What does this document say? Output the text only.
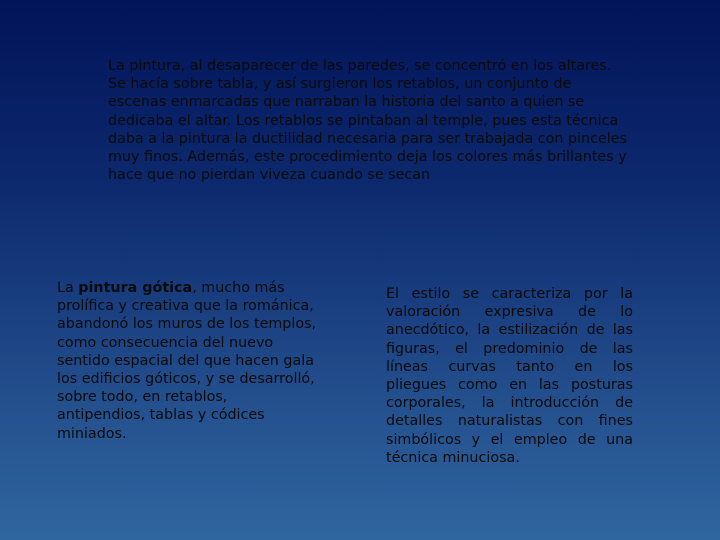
La pintura, al desaparecer de las paredes, se concentró en los altares. Se hacía sobre tabla, y así surgieron los retablos, un conjunto de escenas enmarcadas que narraban la historia del santo a quien se dedicaba el altar. Los retablos se pintaban al temple, pues esta técnica daba a la pintura la ductilidad necesaria para ser trabajada con pinceles muy finos. Además, este procedimiento deja los colores más brillantes y hace que no pierdan viveza cuando se secan

La pintura gótica, mucho más prolífica y creativa que la románica, abandonó los muros de los templos, como consecuencia del nuevo sentido espacial del que hacen gala los edificios góticos, y se desarrolló, sobre todo, en retablos, antipendios, tablas y códices miniados.

El estilo se caracteriza por la valoración expresiva de lo anecdótico, la estilización de las figuras, el predominio de las líneas curvas tanto en los pliegues como en las posturas corporales, la introducción de detalles naturalistas con fines simbólicos y el empleo de una técnica minuciosa.
